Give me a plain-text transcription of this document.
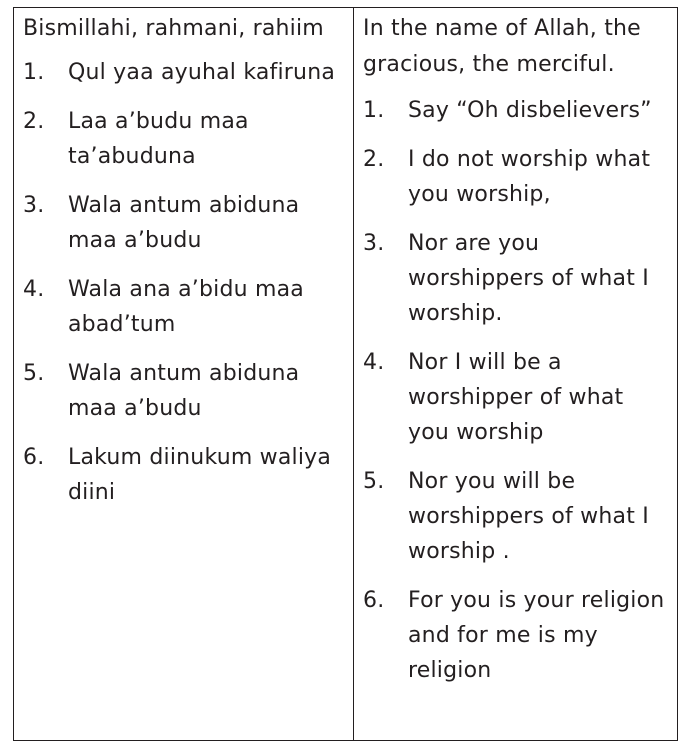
Bismillahi, rahmani, rahiim
1.	Qul yaa ayuhal kafiruna
2.	Laa a’budu maa ta’abuduna
3.	Wala antum abiduna maa a’budu
4.	Wala ana a’bidu maa abad’tum
5.	Wala antum abiduna maa a’budu
6.	Lakum diinukum waliya diini
In the name of Allah, the gracious, the merciful.
1.	Say “Oh disbelievers”
2.	I do not worship what you worship,
3.	Nor are you worshippers of what I worship.
4.	Nor I will be a worshipper of what you worship
5.	Nor you will be worshippers of what I worship .
6.	For you is your religion and for me is my religion
